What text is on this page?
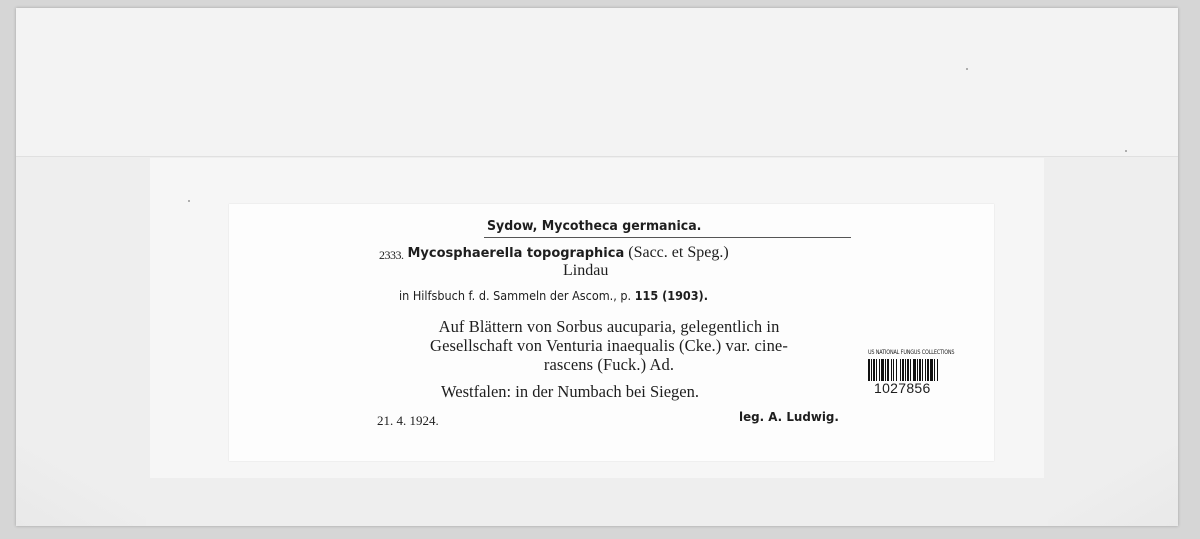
Sydow, Mycotheca germanica.
2333. Mycosphaerella topographica (Sacc. et Speg.)
Lindau
in Hilfsbuch f. d. Sammeln der Ascom., p. 115 (1903).
Auf Blättern von Sorbus aucuparia, gelegentlich in
Gesellschaft von Venturia inaequalis (Cke.) var. cine-
rascens (Fuck.) Ad.
Westfalen: in der Numbach bei Siegen.
21. 4. 1924.	leg. A. Ludwig.
US NATIONAL FUNGUS COLLECTIONS
1027856
